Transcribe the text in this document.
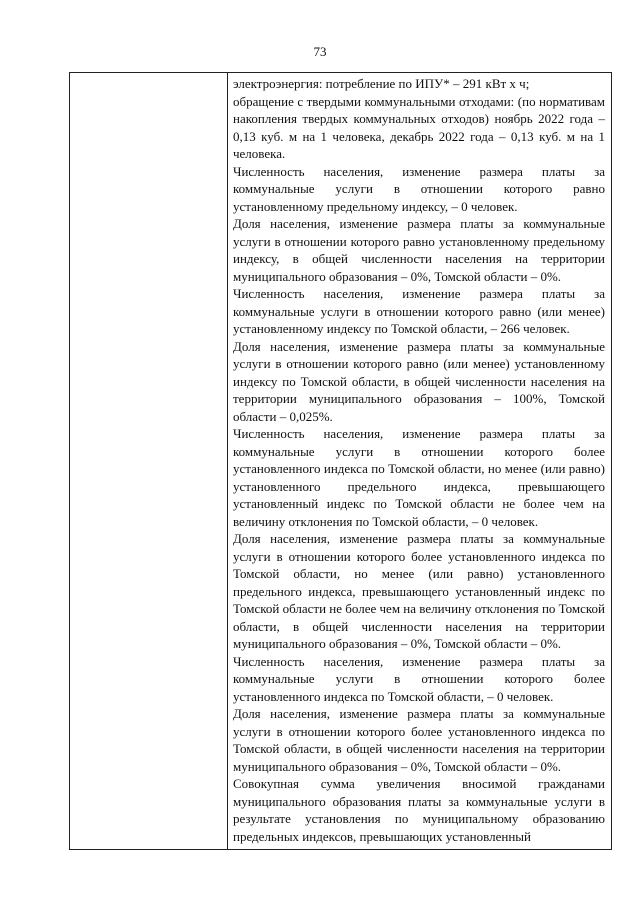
73

электроэнергия: потребление по ИПУ* – 291 кВт х ч;

обращение с твердыми коммунальными отходами: (по нормативам накопления твердых коммунальных отходов) ноябрь 2022 года – 0,13 куб. м на 1 человека, декабрь 2022 года – 0,13 куб. м на 1 человека.

Численность населения, изменение размера платы за коммунальные услуги в отношении которого равно установленному предельному индексу, – 0 человек.

Доля населения, изменение размера платы за коммунальные услуги в отношении которого равно установленному предельному индексу, в общей численности населения на территории муниципального образования – 0%, Томской области – 0%.

Численность населения, изменение размера платы за коммунальные услуги в отношении которого равно (или менее) установленному индексу по Томской области, – 266 человек.

Доля населения, изменение размера платы за коммунальные услуги в отношении которого равно (или менее) установленному индексу по Томской области, в общей численности населения на территории муниципального образования – 100%, Томской области – 0,025%.

Численность населения, изменение размера платы за коммунальные услуги в отношении которого более установленного индекса по Томской области, но менее (или равно) установленного предельного индекса, превышающего установленный индекс по Томской области не более чем на величину отклонения по Томской области, – 0 человек.

Доля населения, изменение размера платы за коммунальные услуги в отношении которого более установленного индекса по Томской области, но менее (или равно) установленного предельного индекса, превышающего установленный индекс по Томской области не более чем на величину отклонения по Томской области, в общей численности населения на территории муниципального образования – 0%, Томской области – 0%.

Численность населения, изменение размера платы за коммунальные услуги в отношении которого более установленного индекса по Томской области, – 0 человек.

Доля населения, изменение размера платы за коммунальные услуги в отношении которого более установленного индекса по Томской области, в общей численности населения на территории муниципального образования – 0%, Томской области – 0%.

Совокупная сумма увеличения вносимой гражданами муниципального образования платы за коммунальные услуги в результате установления по муниципальному образованию предельных индексов, превышающих установленный
